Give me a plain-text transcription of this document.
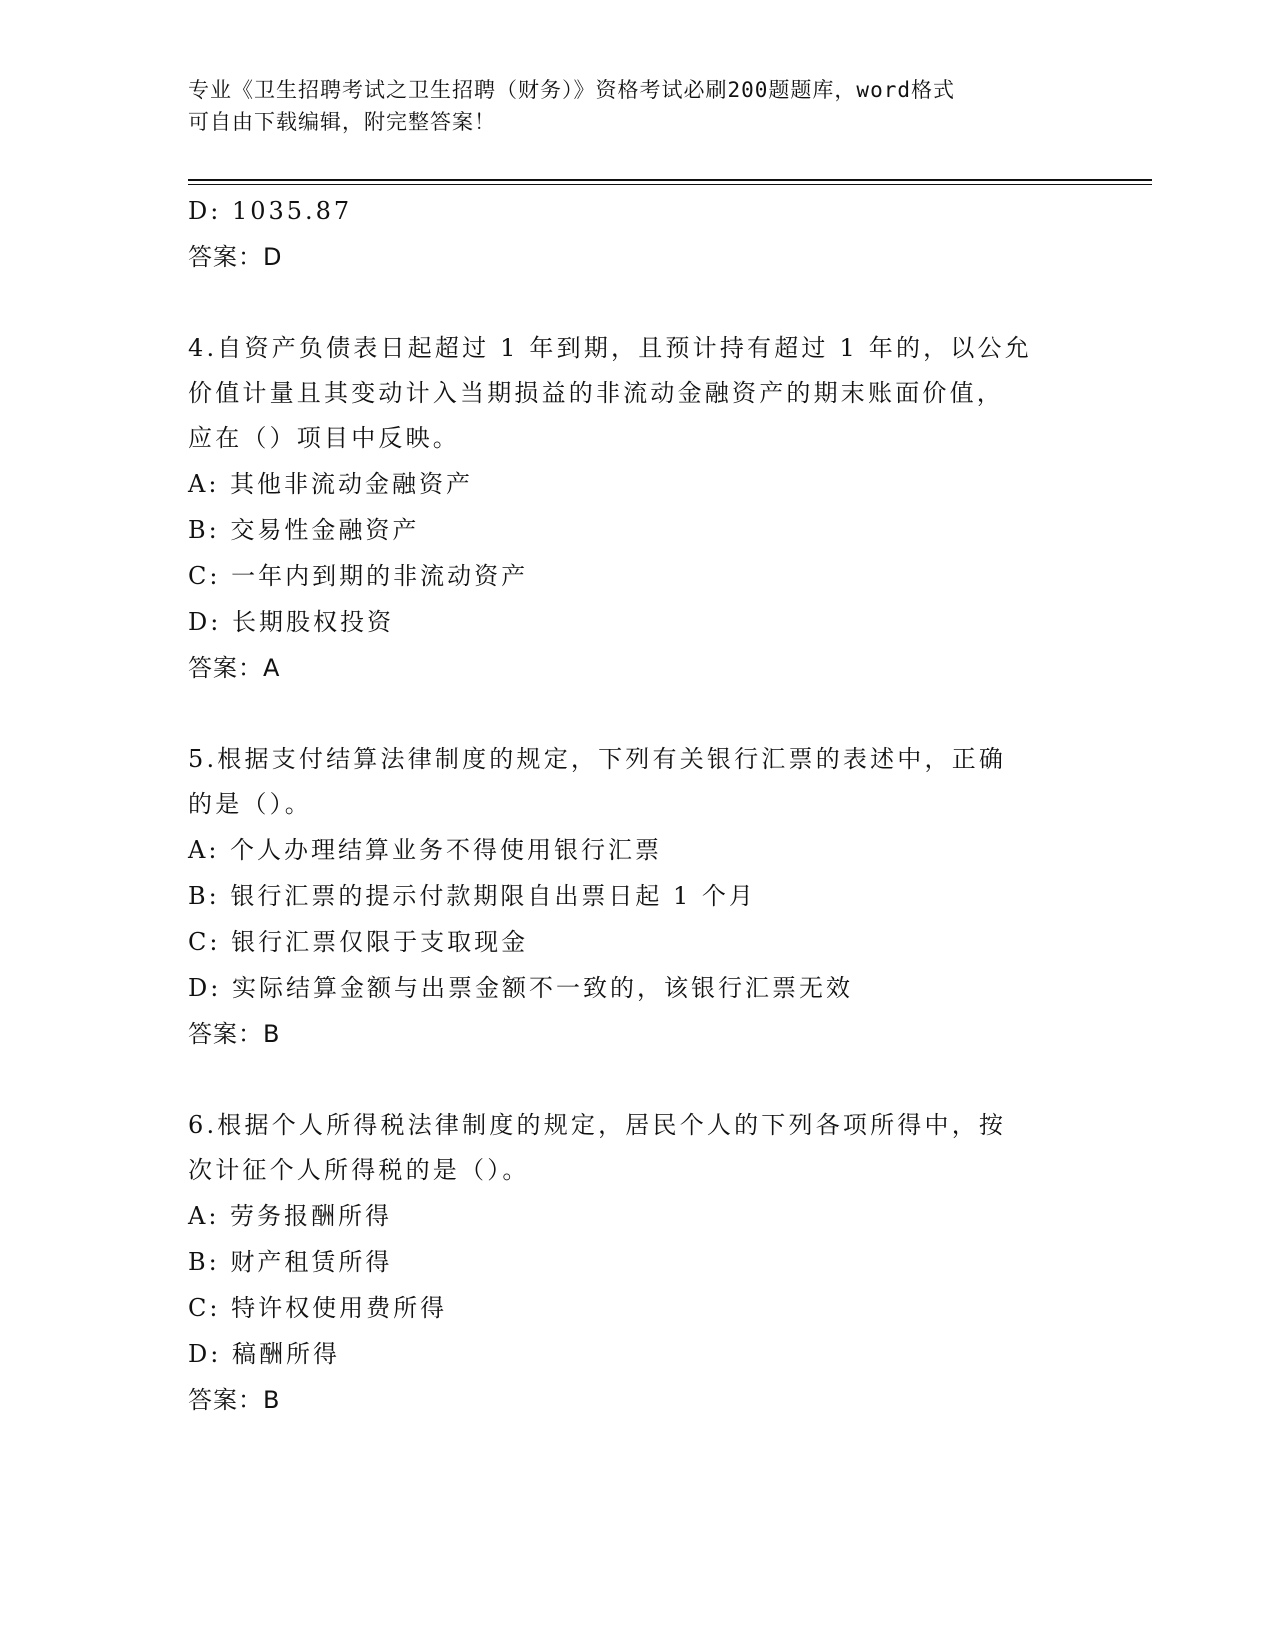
专业《卫生招聘考试之卫生招聘（财务）》资格考试必刷200题题库，word格式
可自由下载编辑，附完整答案！
D: 1035.87
答案：D
4.自资产负债表日起超过 1 年到期，且预计持有超过 1 年的，以公允
价值计量且其变动计入当期损益的非流动金融资产的期末账面价值，
应在（）项目中反映。
A: 其他非流动金融资产
B: 交易性金融资产
C: 一年内到期的非流动资产
D: 长期股权投资
答案：A
5.根据支付结算法律制度的规定，下列有关银行汇票的表述中，正确
的是（）。
A: 个人办理结算业务不得使用银行汇票
B: 银行汇票的提示付款期限自出票日起 1 个月
C: 银行汇票仅限于支取现金
D: 实际结算金额与出票金额不一致的，该银行汇票无效
答案：B
6.根据个人所得税法律制度的规定，居民个人的下列各项所得中，按
次计征个人所得税的是（）。
A: 劳务报酬所得
B: 财产租赁所得
C: 特许权使用费所得
D: 稿酬所得
答案：B
